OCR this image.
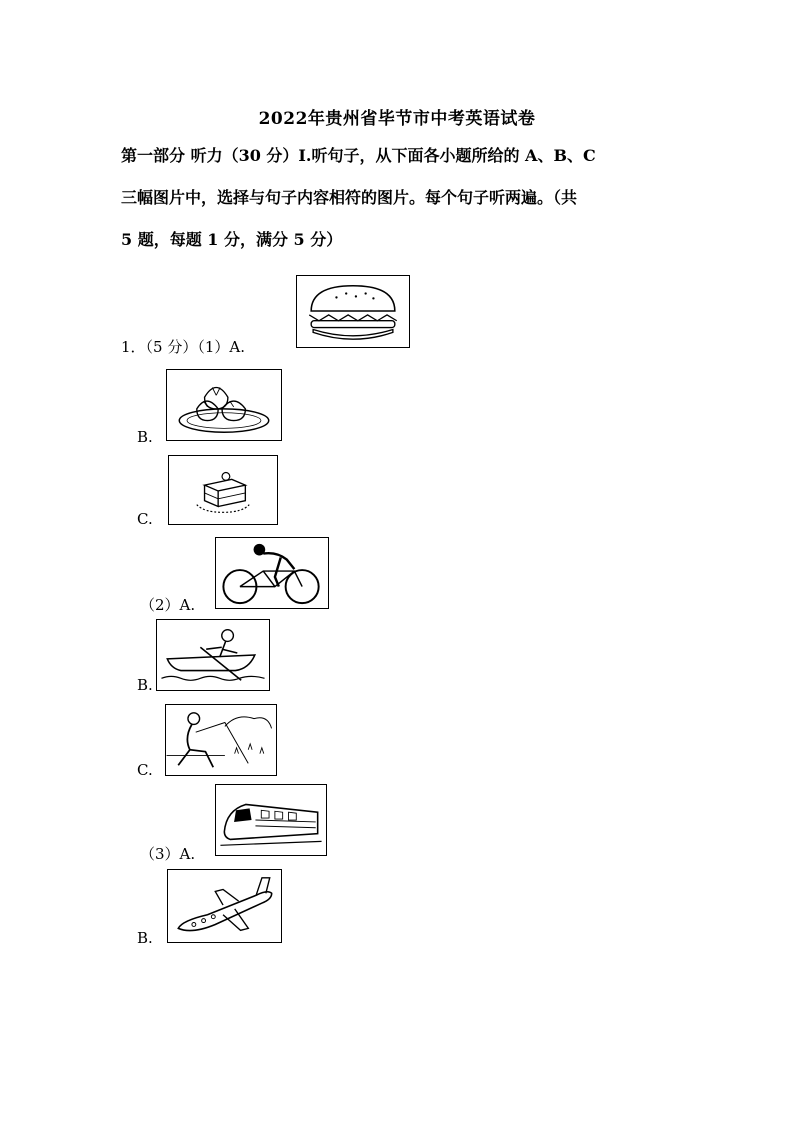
2022年贵州省毕节市中考英语试卷
第一部分 听力（30 分）Ⅰ.听句子，从下面各小题所给的 A、B、C
三幅图片中，选择与句子内容相符的图片。每个句子听两遍。（共
5 题，每题 1 分，满分 5 分）
1．（5 分）（1）A.
B.
C.
（2）A.
B.
C.
（3）A.
B.
